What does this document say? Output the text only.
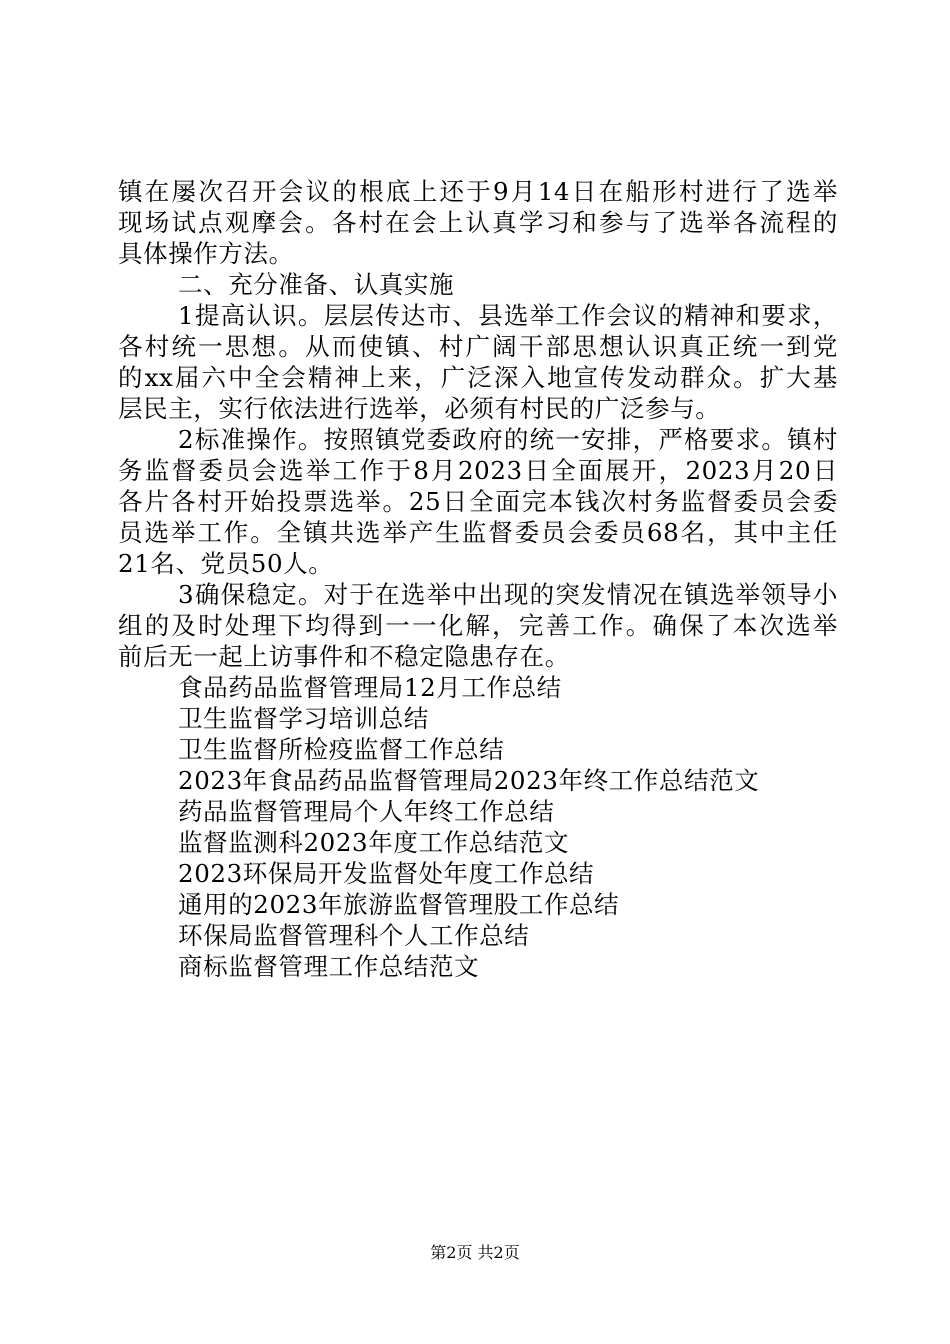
镇在屡次召开会议的根底上还于9月14日在船形村进行了选举
现场试点观摩会。各村在会上认真学习和参与了选举各流程的
具体操作方法。
二、充分准备、认真实施
1提高认识。层层传达市、县选举工作会议的精神和要求，
各村统一思想。从而使镇、村广阔干部思想认识真正统一到党
的xx届六中全会精神上来，广泛深入地宣传发动群众。扩大基
层民主，实行依法进行选举，必须有村民的广泛参与。
2标准操作。按照镇党委政府的统一安排，严格要求。镇村
务监督委员会选举工作于8月2023日全面展开，2023月20日
各片各村开始投票选举。25日全面完本钱次村务监督委员会委
员选举工作。全镇共选举产生监督委员会委员68名，其中主任
21名、党员50人。
3确保稳定。对于在选举中出现的突发情况在镇选举领导小
组的及时处理下均得到一一化解，完善工作。确保了本次选举
前后无一起上访事件和不稳定隐患存在。
食品药品监督管理局12月工作总结
卫生监督学习培训总结
卫生监督所检疫监督工作总结
2023年食品药品监督管理局2023年终工作总结范文
药品监督管理局个人年终工作总结
监督监测科2023年度工作总结范文
2023环保局开发监督处年度工作总结
通用的2023年旅游监督管理股工作总结
环保局监督管理科个人工作总结
商标监督管理工作总结范文
第2页 共2页
